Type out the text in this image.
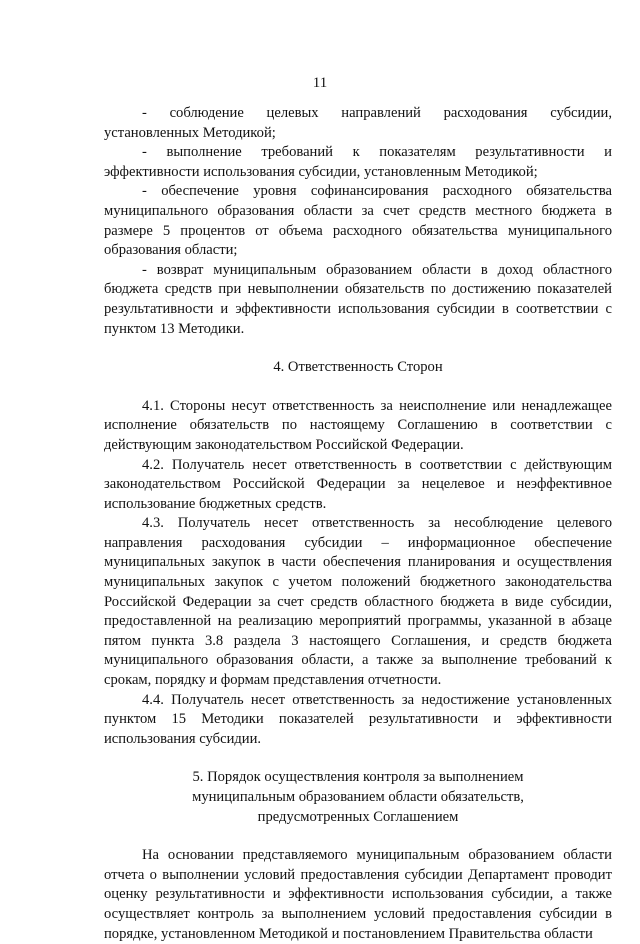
11

- соблюдение целевых направлений расходования субсидии, установленных Методикой;

- выполнение требований к показателям результативности и эффективности использования субсидии, установленным Методикой;

- обеспечение уровня софинансирования расходного обязательства муниципального образования области за счет средств местного бюджета в размере 5 процентов от объема расходного обязательства муниципального образования области;

- возврат муниципальным образованием области в доход областного бюджета средств при невыполнении обязательств по достижению показателей результативности и эффективности использования субсидии в соответствии с пунктом 13 Методики.

4. Ответственность Сторон

4.1. Стороны несут ответственность за неисполнение или ненадлежащее исполнение обязательств по настоящему Соглашению в соответствии с действующим законодательством Российской Федерации.

4.2. Получатель несет ответственность в соответствии с действующим законодательством Российской Федерации за нецелевое и неэффективное использование бюджетных средств.

4.3. Получатель несет ответственность за несоблюдение целевого направления расходования субсидии – информационное обеспечение муниципальных закупок в части обеспечения планирования и осуществления муниципальных закупок с учетом положений бюджетного законодательства Российской Федерации за счет средств областного бюджета в виде субсидии, предоставленной на реализацию мероприятий программы, указанной в абзаце пятом пункта 3.8 раздела 3 настоящего Соглашения, и средств бюджета муниципального образования области, а также за выполнение требований к срокам, порядку и формам представления отчетности.

4.4. Получатель несет ответственность за недостижение установленных пунктом 15 Методики показателей результативности и эффективности использования субсидии.

5. Порядок осуществления контроля за выполнением

муниципальным образованием области обязательств,

предусмотренных Соглашением

На основании представляемого муниципальным образованием области отчета о выполнении условий предоставления субсидии Департамент проводит оценку результативности и эффективности использования субсидии, а также осуществляет контроль за выполнением условий предоставления субсидии в порядке, установленном Методикой и постановлением Правительства области
